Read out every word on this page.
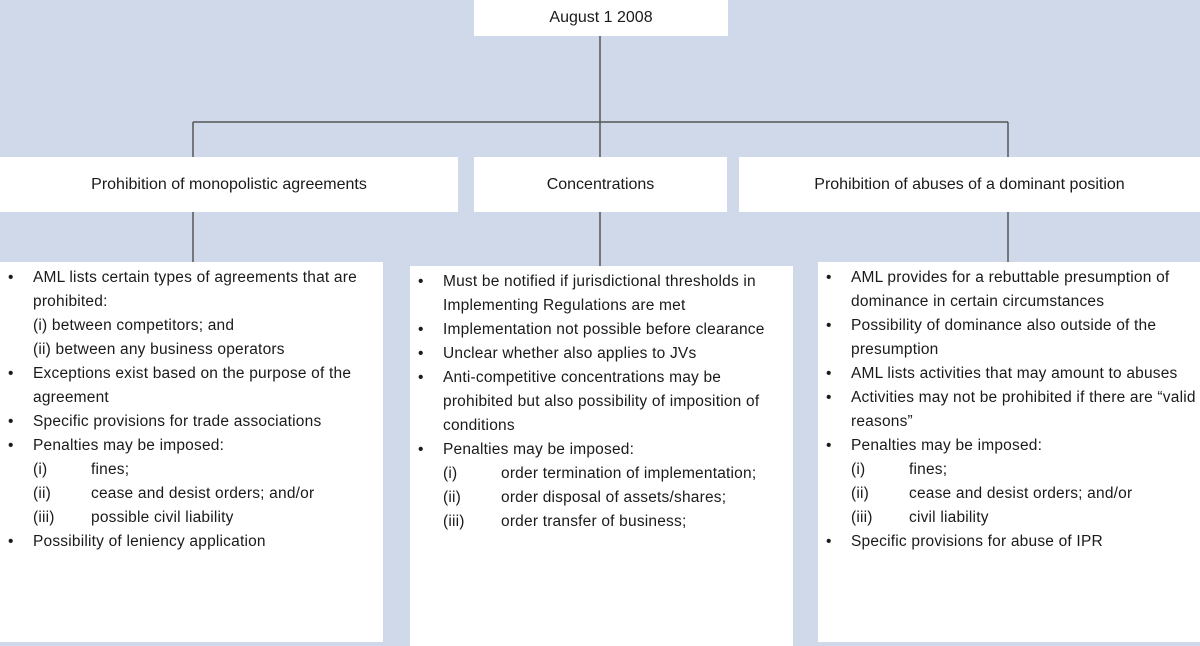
August 1 2008
Prohibition of monopolistic agreements	Concentrations	Prohibition of abuses of a dominant position
• AML lists certain types of agreements that are prohibited:
(i) between competitors; and
(ii) between any business operators
• Exceptions exist based on the purpose of the agreement
• Specific provisions for trade associations
• Penalties may be imposed:
(i)	fines;
(ii)	cease and desist orders; and/or
(iii) possible civil liability
• Possibility of leniency application
• Must be notified if jurisdictional thresholds in Implementing Regulations are met
• Implementation not possible before clearance
• Unclear whether also applies to JVs
• Anti-competitive concentrations may be prohibited but also possibility of imposition of conditions
• Penalties may be imposed:
(i)	order termination of implementation;
(ii)	order disposal of assets/shares;
(iii) order transfer of business;
• AML provides for a rebuttable presumption of dominance in certain circumstances
• Possibility of dominance also outside of the presumption
• AML lists activities that may amount to abuses
• Activities may not be prohibited if there are “valid reasons”
• Penalties may be imposed:
(i)	fines;
(ii)	cease and desist orders; and/or
(iii) civil liability
• Specific provisions for abuse of IPR
